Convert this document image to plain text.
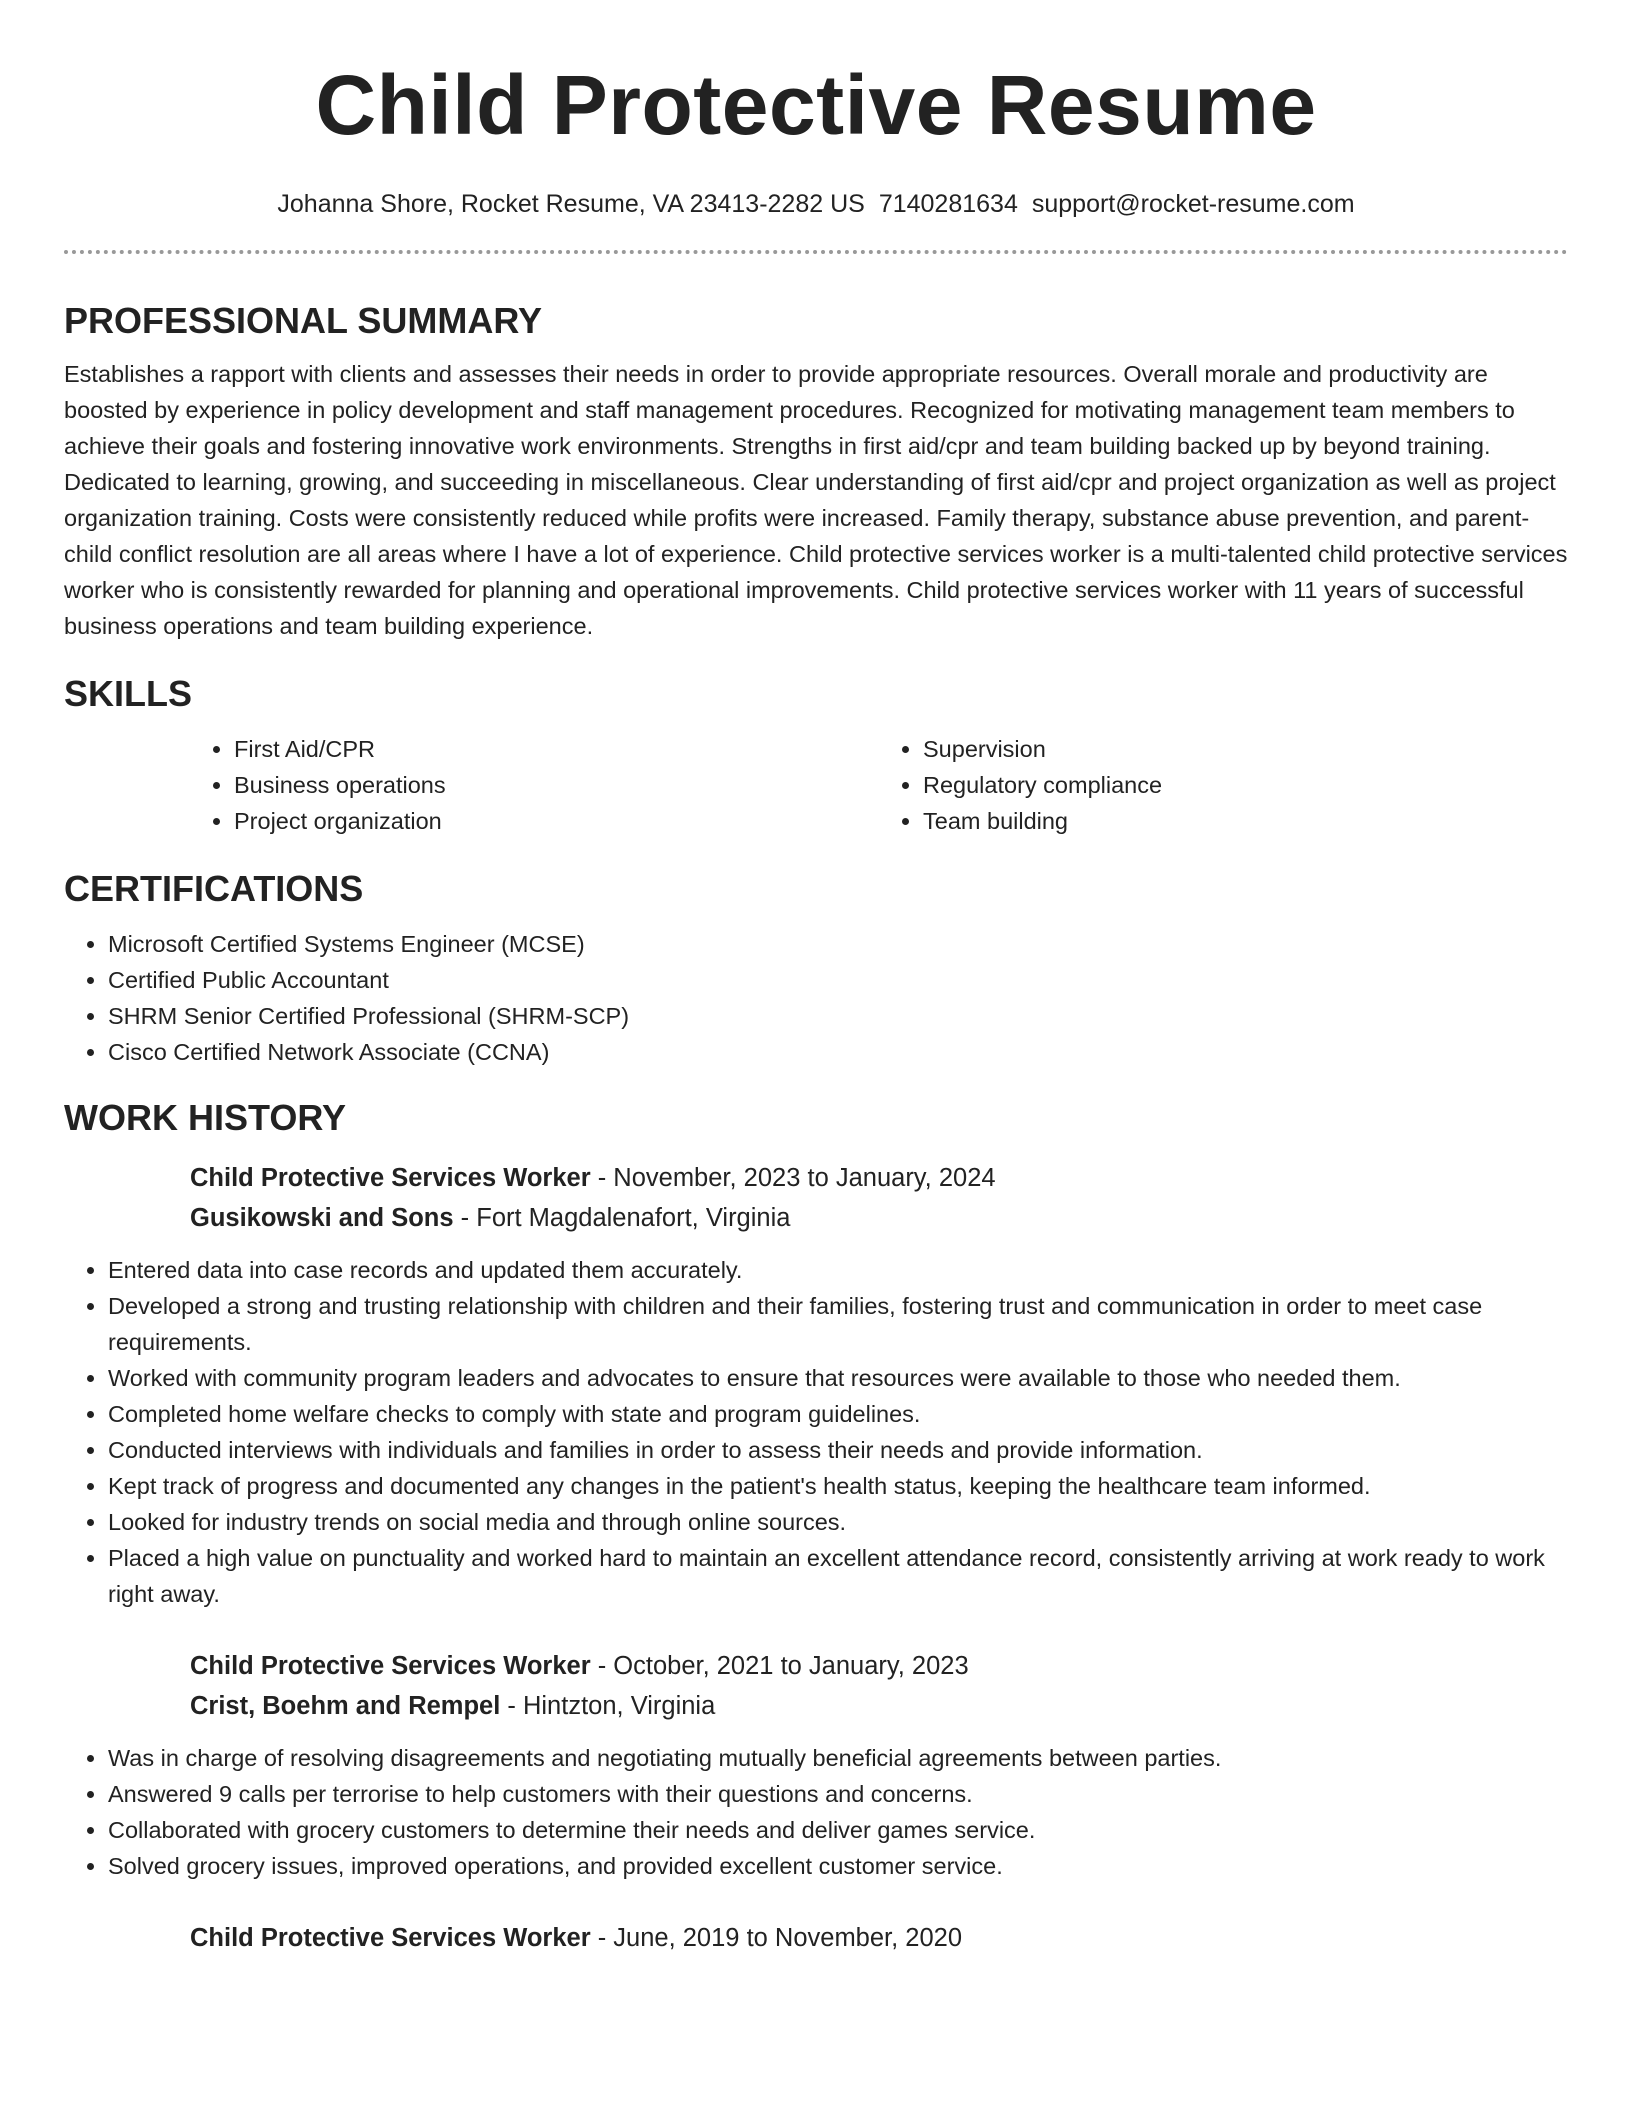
Child Protective Resume
Johanna Shore, Rocket Resume, VA 23413-2282 US 7140281634 support@rocket-resume.com
PROFESSIONAL SUMMARY

Establishes a rapport with clients and assesses their needs in order to provide appropriate resources. Overall morale and productivity are boosted by experience in policy development and staff management procedures. Recognized for motivating management team members to achieve their goals and fostering innovative work environments. Strengths in first aid/cpr and team building backed up by beyond training. Dedicated to learning, growing, and succeeding in miscellaneous. Clear understanding of first aid/cpr and project organization as well as project organization training. Costs were consistently reduced while profits were increased. Family therapy, substance abuse prevention, and parent-child conflict resolution are all areas where I have a lot of experience. Child protective services worker is a multi-talented child protective services worker who is consistently rewarded for planning and operational improvements. Child protective services worker with 11 years of successful business operations and team building experience.

SKILLS
• First Aid/CPR
• Business operations
• Project organization
• Supervision
• Regulatory compliance
• Team building
CERTIFICATIONS
• Microsoft Certified Systems Engineer (MCSE)
• Certified Public Accountant
• SHRM Senior Certified Professional (SHRM-SCP)
• Cisco Certified Network Associate (CCNA)
WORK HISTORY
Child Protective Services Worker - November, 2023 to January, 2024
Gusikowski and Sons - Fort Magdalenafort, Virginia
• Entered data into case records and updated them accurately.
• Developed a strong and trusting relationship with children and their families, fostering trust and communication in order to meet case requirements.
• Worked with community program leaders and advocates to ensure that resources were available to those who needed them.
• Completed home welfare checks to comply with state and program guidelines.
• Conducted interviews with individuals and families in order to assess their needs and provide information.
• Kept track of progress and documented any changes in the patient's health status, keeping the healthcare team informed.
• Looked for industry trends on social media and through online sources.
• Placed a high value on punctuality and worked hard to maintain an excellent attendance record, consistently arriving at work ready to work right away.
Child Protective Services Worker - October, 2021 to January, 2023
Crist, Boehm and Rempel - Hintzton, Virginia
• Was in charge of resolving disagreements and negotiating mutually beneficial agreements between parties.
• Answered 9 calls per terrorise to help customers with their questions and concerns.
• Collaborated with grocery customers to determine their needs and deliver games service.
• Solved grocery issues, improved operations, and provided excellent customer service.
Child Protective Services Worker - June, 2019 to November, 2020
